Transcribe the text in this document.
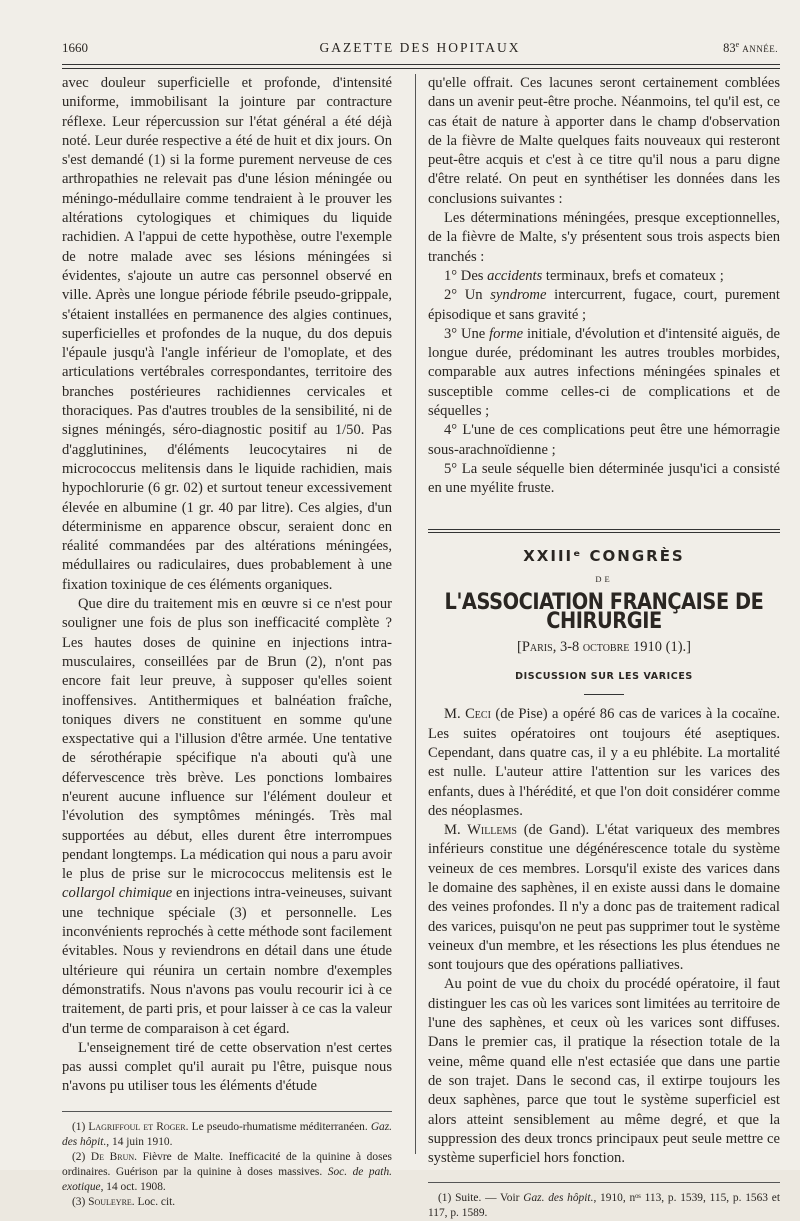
1660	GAZETTE DES HOPITAUX	83e ANNÉE.

avec douleur superficielle et profonde, d'intensité uniforme, immobilisant la jointure par contracture réflexe. Leur répercussion sur l'état général a été déjà noté. Leur durée respective a été de huit et dix jours. On s'est demandé (1) si la forme purement nerveuse de ces arthropathies ne relevait pas d'une lésion méningée ou méningo-médullaire comme tendraient à le prouver les altérations cytologiques et chimiques du liquide rachidien. A l'appui de cette hypothèse, outre l'exemple de notre malade avec ses lésions méningées si évidentes, s'ajoute un autre cas personnel observé en ville. Après une longue période fébrile pseudo-grippale, s'étaient installées en permanence des algies continues, superficielles et profondes de la nuque, du dos depuis l'épaule jusqu'à l'angle inférieur de l'omoplate, et des articulations vertébrales correspondantes, territoire des branches postérieures rachidiennes cervicales et thoraciques. Pas d'autres troubles de la sensibilité, ni de signes méningés, séro-diagnostic positif au 1/50. Pas d'agglutinines, d'éléments leucocytaires ni de micrococcus melitensis dans le liquide rachidien, mais hypochlorurie (6 gr. 02) et surtout teneur excessivement élevée en albumine (1 gr. 40 par litre). Ces algies, d'un déterminisme en apparence obscur, seraient donc en réalité commandées par des altérations méningées, médullaires ou radiculaires, dues probablement à une fixation toxinique de ces éléments organiques.

Que dire du traitement mis en œuvre si ce n'est pour souligner une fois de plus son inefficacité complète ? Les hautes doses de quinine en injections intra-musculaires, conseillées par de Brun (2), n'ont pas encore fait leur preuve, à supposer qu'elles soient inoffensives. Antithermiques et balnéation fraîche, toniques divers ne constituent en somme qu'une exspectative qui a l'illusion d'être armée. Une tentative de sérothérapie spécifique n'a abouti qu'à une défervescence très brève. Les ponctions lombaires n'eurent aucune influence sur l'élément douleur et l'évolution des symptômes méningés. Très mal supportées au début, elles durent être interrompues pendant longtemps. La médication qui nous a paru avoir le plus de prise sur le micrococcus melitensis est le collargol chimique en injections intra-veineuses, suivant une technique spéciale (3) et personnelle. Les inconvénients reprochés à cette méthode sont facilement évitables. Nous y reviendrons en détail dans une étude ultérieure qui réunira un certain nombre d'exemples démonstratifs. Nous n'avons pas voulu recourir ici à ce traitement, de parti pris, et pour laisser à ce cas la valeur d'un terme de comparaison à cet égard.

L'enseignement tiré de cette observation n'est certes pas aussi complet qu'il aurait pu l'être, puisque nous n'avons pu utiliser tous les éléments d'étude

(1) Lagriffoul et Roger. Le pseudo-rhumatisme méditerranéen. Gaz. des hôpit., 14 juin 1910.

(2) De Brun. Fièvre de Malte. Inefficacité de la quinine à doses ordinaires. Guérison par la quinine à doses massives. Soc. de path. exotique, 14 oct. 1908.

(3) Souleyre. Loc. cit.

qu'elle offrait. Ces lacunes seront certainement comblées dans un avenir peut-être proche. Néanmoins, tel qu'il est, ce cas était de nature à apporter dans le champ d'observation de la fièvre de Malte quelques faits nouveaux qui resteront peut-être acquis et c'est à ce titre qu'il nous a paru digne d'être relaté. On peut en synthétiser les données dans les conclusions suivantes :

Les déterminations méningées, presque exceptionnelles, de la fièvre de Malte, s'y présentent sous trois aspects bien tranchés :

1° Des accidents terminaux, brefs et comateux ;

2° Un syndrome intercurrent, fugace, court, purement épisodique et sans gravité ;

3° Une forme initiale, d'évolution et d'intensité aiguës, de longue durée, prédominant les autres troubles morbides, comparable aux autres infections méningées spinales et susceptible comme celles-ci de complications et de séquelles ;

4° L'une de ces complications peut être une hémorragie sous-arachnoïdienne ;

5° La seule séquelle bien déterminée jusqu'ici a consisté en une myélite fruste.

XXIIIᵉ CONGRÈS
DE
L'ASSOCIATION FRANÇAISE DE CHIRURGIE
[Paris, 3-8 octobre 1910 (1).]
DISCUSSION SUR LES VARICES

M. Ceci (de Pise) a opéré 86 cas de varices à la cocaïne. Les suites opératoires ont toujours été aseptiques. Cependant, dans quatre cas, il y a eu phlébite. La mortalité est nulle. L'auteur attire l'attention sur les varices des enfants, dues à l'hérédité, et que l'on doit considérer comme des néoplasmes.

M. Willems (de Gand). L'état variqueux des membres inférieurs constitue une dégénérescence totale du système veineux de ces membres. Lorsqu'il existe des varices dans le domaine des saphènes, il en existe aussi dans le domaine des veines profondes. Il n'y a donc pas de traitement radical des varices, puisqu'on ne peut pas supprimer tout le système veineux d'un membre, et les résections les plus étendues ne sont toujours que des opérations palliatives.

Au point de vue du choix du procédé opératoire, il faut distinguer les cas où les varices sont limitées au territoire de l'une des saphènes, et ceux où les varices sont diffuses. Dans le premier cas, il pratique la résection totale de la veine, même quand elle n'est ectasiée que dans une partie de son trajet. Dans le second cas, il extirpe toujours les deux saphènes, parce que tout le système superficiel est alors atteint sensiblement au même degré, et que la suppression des deux troncs principaux peut seule mettre ce système superficiel hors fonction.

(1) Suite. — Voir Gaz. des hôpit., 1910, nᵒˢ 113, p. 1539, 115, p. 1563 et 117, p. 1589.
